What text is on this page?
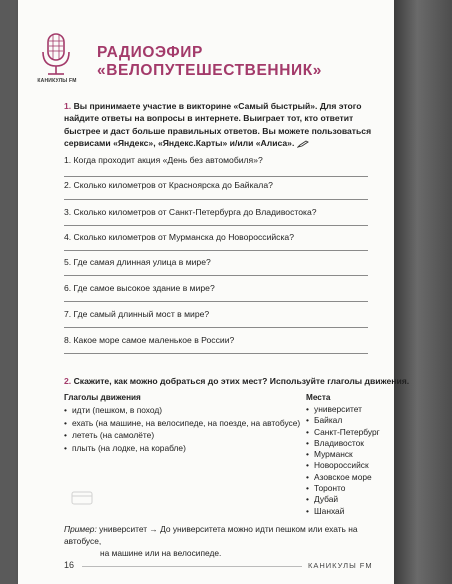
КАНИКУЛЫ FM
РАДИОЭФИР
«ВЕЛОПУТЕШЕСТВЕННИК»
1. Вы принимаете участие в викторине «Самый быстрый». Для этого найдите ответы на вопросы в интернете. Выиграет тот, кто ответит быстрее и даст больше правильных ответов. Вы можете пользоваться сервисами «Яндекс», «Яндекс.Карты» и/или «Алиса».
1. Когда проходит акция «День без автомобиля»?
2. Сколько километров от Красноярска до Байкала?
3. Сколько километров от Санкт-Петербурга до Владивостока?
4. Сколько километров от Мурманска до Новороссийска?
5. Где самая длинная улица в мире?
6. Где самое высокое здание в мире?
7. Где самый длинный мост в мире?
8. Какое море самое маленькое в России?
2. Скажите, как можно добраться до этих мест? Используйте глаголы движения.
Глаголы движения	Места
• идти (пешком, в поход)
• ехать (на машине, на велосипеде, на поезде, на автобусе)
• лететь (на самолёте)
• плыть (на лодке, на корабле)
• университет
• Байкал
• Санкт-Петербург
• Владивосток
• Мурманск
• Новороссийск
• Азовское море
• Торонто
• Дубай
• Шанхай
Пример: университет → До университета можно идти пешком или ехать на автобусе,
на машине или на велосипеде.
16	КАНИКУЛЫ FM
